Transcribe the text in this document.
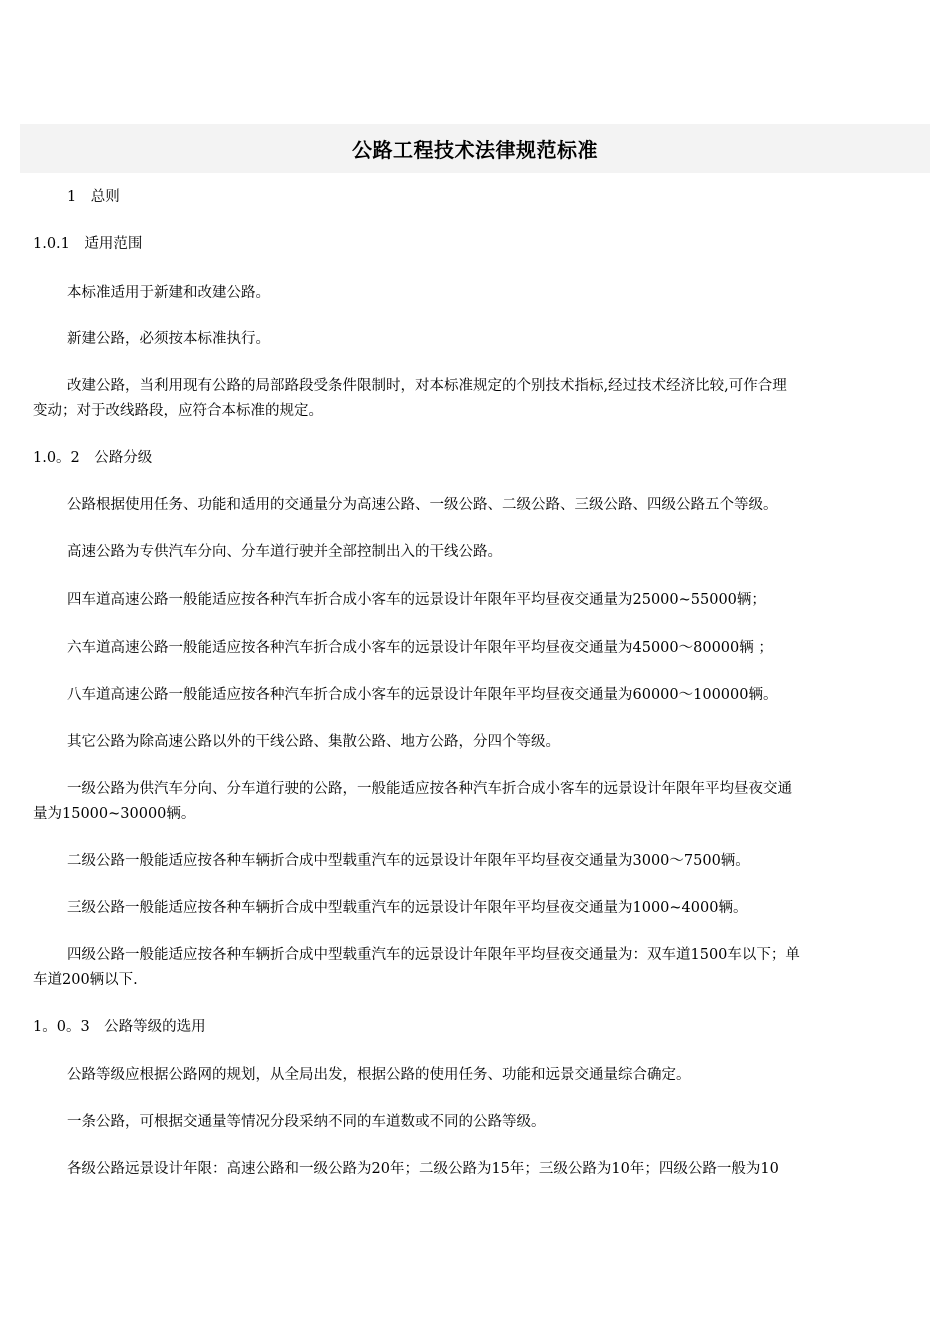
公路工程技术法律规范标准

1　总则

1.0.1　适用范围

本标准适用于新建和改建公路。

新建公路，必须按本标准执行。

改建公路，当利用现有公路的局部路段受条件限制时，对本标准规定的个别技术指标,经过技术经济比较,可作合理

变动；对于改线路段，应符合本标准的规定。

1.0。2　公路分级

公路根据使用任务、功能和适用的交通量分为高速公路、一级公路、二级公路、三级公路、四级公路五个等级。

高速公路为专供汽车分向、分车道行驶并全部控制出入的干线公路。

四车道高速公路一般能适应按各种汽车折合成小客车的远景设计年限年平均昼夜交通量为25000~55000辆；

六车道高速公路一般能适应按各种汽车折合成小客车的远景设计年限年平均昼夜交通量为45000～80000辆 ；

八车道高速公路一般能适应按各种汽车折合成小客车的远景设计年限年平均昼夜交通量为60000～100000辆。

其它公路为除高速公路以外的干线公路、集散公路、地方公路，分四个等级。

一级公路为供汽车分向、分车道行驶的公路，一般能适应按各种汽车折合成小客车的远景设计年限年平均昼夜交通

量为15000~30000辆。

二级公路一般能适应按各种车辆折合成中型载重汽车的远景设计年限年平均昼夜交通量为3000～7500辆。

三级公路一般能适应按各种车辆折合成中型载重汽车的远景设计年限年平均昼夜交通量为1000~4000辆。

四级公路一般能适应按各种车辆折合成中型载重汽车的远景设计年限年平均昼夜交通量为：双车道1500车以下；单

车道200辆以下.

1。0。3　公路等级的选用

公路等级应根据公路网的规划，从全局出发，根据公路的使用任务、功能和远景交通量综合确定。

一条公路，可根据交通量等情况分段采纳不同的车道数或不同的公路等级。

各级公路远景设计年限：高速公路和一级公路为20年；二级公路为15年；三级公路为10年；四级公路一般为10
